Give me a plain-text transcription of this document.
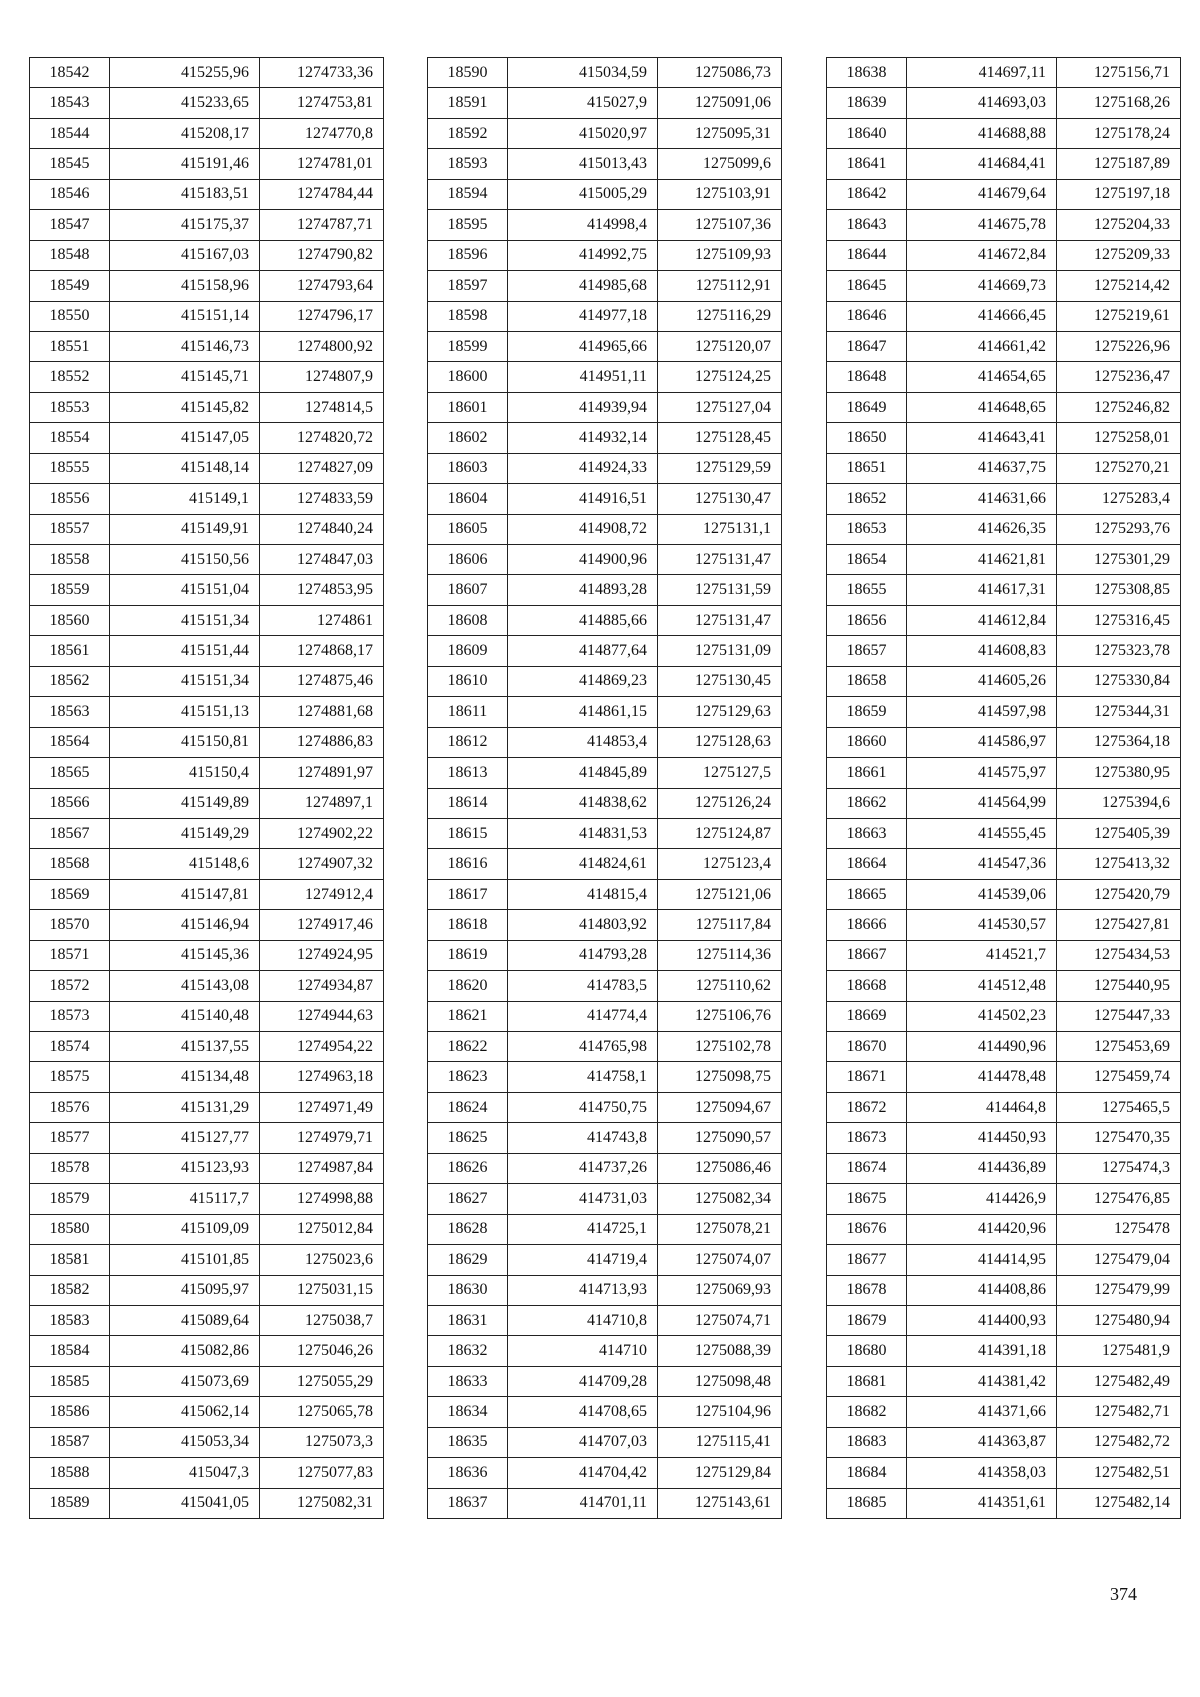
18542	415255,96	1274733,36
18543	415233,65	1274753,81
18544	415208,17	1274770,8
18545	415191,46	1274781,01
18546	415183,51	1274784,44
18547	415175,37	1274787,71
18548	415167,03	1274790,82
18549	415158,96	1274793,64
18550	415151,14	1274796,17
18551	415146,73	1274800,92
18552	415145,71	1274807,9
18553	415145,82	1274814,5
18554	415147,05	1274820,72
18555	415148,14	1274827,09
18556	415149,1	1274833,59
18557	415149,91	1274840,24
18558	415150,56	1274847,03
18559	415151,04	1274853,95
18560	415151,34	1274861
18561	415151,44	1274868,17
18562	415151,34	1274875,46
18563	415151,13	1274881,68
18564	415150,81	1274886,83
18565	415150,4	1274891,97
18566	415149,89	1274897,1
18567	415149,29	1274902,22
18568	415148,6	1274907,32
18569	415147,81	1274912,4
18570	415146,94	1274917,46
18571	415145,36	1274924,95
18572	415143,08	1274934,87
18573	415140,48	1274944,63
18574	415137,55	1274954,22
18575	415134,48	1274963,18
18576	415131,29	1274971,49
18577	415127,77	1274979,71
18578	415123,93	1274987,84
18579	415117,7	1274998,88
18580	415109,09	1275012,84
18581	415101,85	1275023,6
18582	415095,97	1275031,15
18583	415089,64	1275038,7
18584	415082,86	1275046,26
18585	415073,69	1275055,29
18586	415062,14	1275065,78
18587	415053,34	1275073,3
18588	415047,3	1275077,83
18589	415041,05	1275082,31
18590	415034,59	1275086,73
18591	415027,9	1275091,06
18592	415020,97	1275095,31
18593	415013,43	1275099,6
18594	415005,29	1275103,91
18595	414998,4	1275107,36
18596	414992,75	1275109,93
18597	414985,68	1275112,91
18598	414977,18	1275116,29
18599	414965,66	1275120,07
18600	414951,11	1275124,25
18601	414939,94	1275127,04
18602	414932,14	1275128,45
18603	414924,33	1275129,59
18604	414916,51	1275130,47
18605	414908,72	1275131,1
18606	414900,96	1275131,47
18607	414893,28	1275131,59
18608	414885,66	1275131,47
18609	414877,64	1275131,09
18610	414869,23	1275130,45
18611	414861,15	1275129,63
18612	414853,4	1275128,63
18613	414845,89	1275127,5
18614	414838,62	1275126,24
18615	414831,53	1275124,87
18616	414824,61	1275123,4
18617	414815,4	1275121,06
18618	414803,92	1275117,84
18619	414793,28	1275114,36
18620	414783,5	1275110,62
18621	414774,4	1275106,76
18622	414765,98	1275102,78
18623	414758,1	1275098,75
18624	414750,75	1275094,67
18625	414743,8	1275090,57
18626	414737,26	1275086,46
18627	414731,03	1275082,34
18628	414725,1	1275078,21
18629	414719,4	1275074,07
18630	414713,93	1275069,93
18631	414710,8	1275074,71
18632	414710	1275088,39
18633	414709,28	1275098,48
18634	414708,65	1275104,96
18635	414707,03	1275115,41
18636	414704,42	1275129,84
18637	414701,11	1275143,61
18638	414697,11	1275156,71
18639	414693,03	1275168,26
18640	414688,88	1275178,24
18641	414684,41	1275187,89
18642	414679,64	1275197,18
18643	414675,78	1275204,33
18644	414672,84	1275209,33
18645	414669,73	1275214,42
18646	414666,45	1275219,61
18647	414661,42	1275226,96
18648	414654,65	1275236,47
18649	414648,65	1275246,82
18650	414643,41	1275258,01
18651	414637,75	1275270,21
18652	414631,66	1275283,4
18653	414626,35	1275293,76
18654	414621,81	1275301,29
18655	414617,31	1275308,85
18656	414612,84	1275316,45
18657	414608,83	1275323,78
18658	414605,26	1275330,84
18659	414597,98	1275344,31
18660	414586,97	1275364,18
18661	414575,97	1275380,95
18662	414564,99	1275394,6
18663	414555,45	1275405,39
18664	414547,36	1275413,32
18665	414539,06	1275420,79
18666	414530,57	1275427,81
18667	414521,7	1275434,53
18668	414512,48	1275440,95
18669	414502,23	1275447,33
18670	414490,96	1275453,69
18671	414478,48	1275459,74
18672	414464,8	1275465,5
18673	414450,93	1275470,35
18674	414436,89	1275474,3
18675	414426,9	1275476,85
18676	414420,96	1275478
18677	414414,95	1275479,04
18678	414408,86	1275479,99
18679	414400,93	1275480,94
18680	414391,18	1275481,9
18681	414381,42	1275482,49
18682	414371,66	1275482,71
18683	414363,87	1275482,72
18684	414358,03	1275482,51
18685	414351,61	1275482,14
374
